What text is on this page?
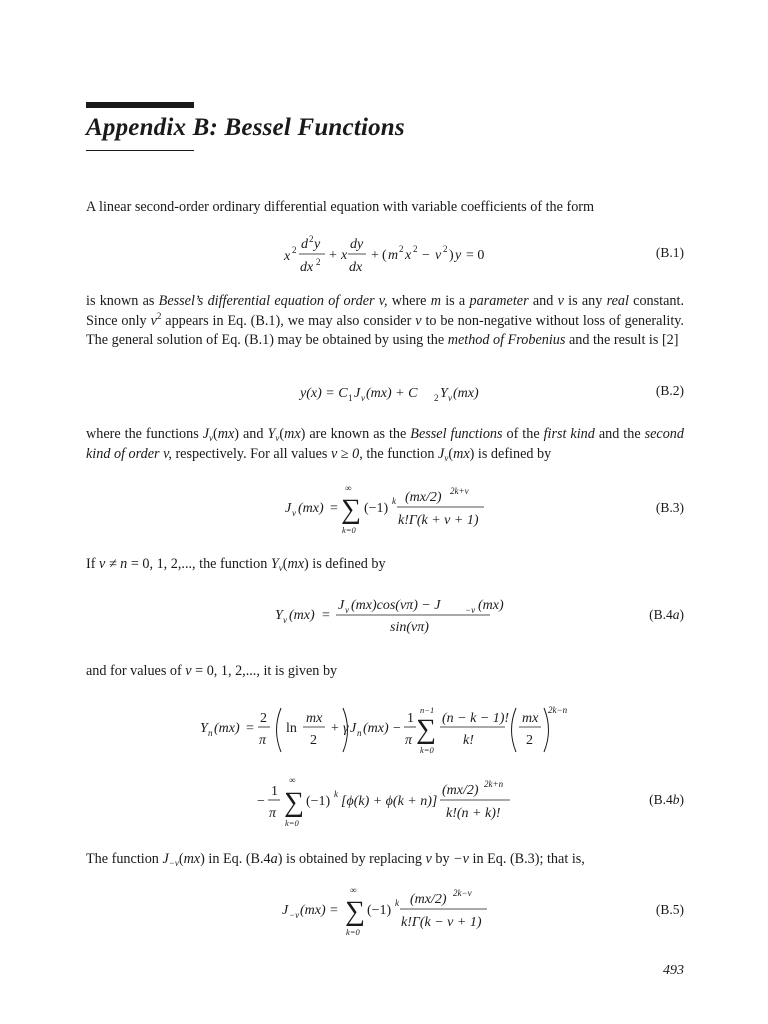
Appendix B: Bessel Functions

A linear second-order ordinary differential equation with variable coefficients of the form

x 2 d 2 y
dx 2 + x
dy
dx
+ ( m 2 x 2 − v 2 ) y = 0	(B.1)

is known as Bessel’s differential equation of order v, where m is a parameter and v is any real constant. Since only $v^2$ appears in Eq. (B.1), we may also consider v to be non-negative without loss of generality. The general solution of Eq. (B.1) may be obtained by using the method of Frobenius and the result is [2]

y(x) = C 1 J v (mx) + C 2 Y v (mx)	(B.2)

where the functions $J_v(mx)$ and $Y_v(mx)$ are known as the Bessel functions of the first kind and the second kind of order v, respectively. For all values v ≥ 0, the function $J_v(mx)$ is defined by

J v (mx) =
∞
∑
k=0
(−1) k (mx/2) 2k+v
k!Γ(k + v + 1)
(B.3)

If v ≠ n = 0, 1, 2,..., the function $Y_v(mx)$ is defined by

Y v (mx) =
J v (mx)cos(vπ) − J	−v (mx)
sin(vπ)
(B.4a)

and for values of v = 0, 1, 2,..., it is given by

Y n (mx) =
2
π
ln
mx
2
+ γ J n (mx) −
1
π
n−1
∑
k=0
(n − k − 1)!
k!
mx
2
2k−n
−
1
π
∞
∑
k=0
(−1) k [ϕ(k) + ϕ(k + n)]
(mx/2) 2k+n
k!(n + k)!
(B.4b)

The function $J_{-v}(mx)$ in Eq. (B.4a) is obtained by replacing v by −v in Eq. (B.3); that is,

J −v (mx) =
∞
∑
k=0
(−1) k (mx/2) 2k−v
k!Γ(k − v + 1)
(B.5)
493
